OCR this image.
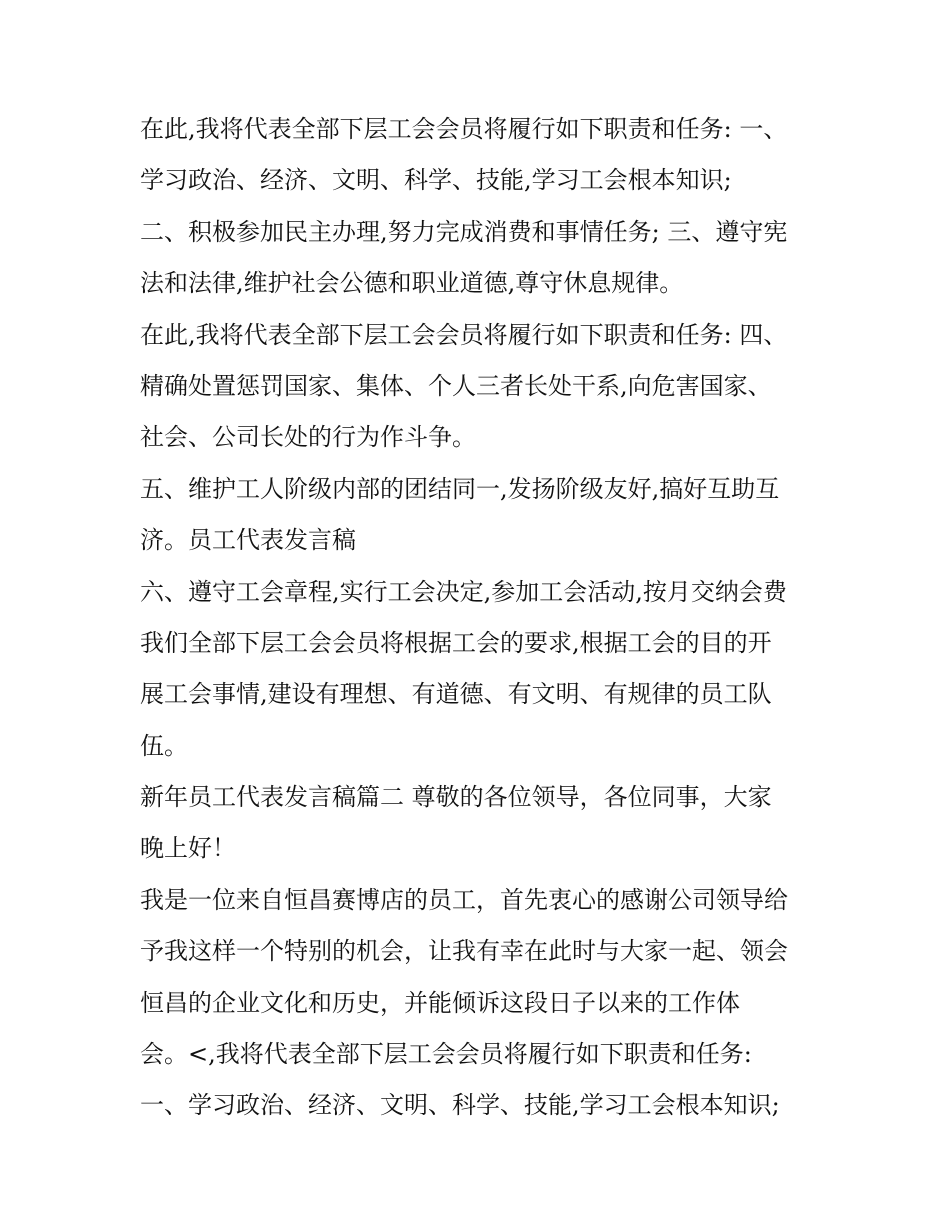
在此,我将代表全部下层工会会员将履行如下职责和任务: 一、
学习政治、经济、文明、科学、技能,学习工会根本知识;
二、积极参加民主办理,努力完成消费和事情任务; 三、遵守宪
法和法律,维护社会公德和职业道德,尊守休息规律。
在此,我将代表全部下层工会会员将履行如下职责和任务: 四、
精确处置惩罚国家、集体、个人三者长处干系,向危害国家、
社会、公司长处的行为作斗争。
五、维护工人阶级内部的团结同一,发扬阶级友好,搞好互助互
济。员工代表发言稿
六、遵守工会章程,实行工会决定,参加工会活动,按月交纳会费
我们全部下层工会会员将根据工会的要求,根据工会的目的开
展工会事情,建设有理想、有道德、有文明、有规律的员工队
伍。
新年员工代表发言稿篇二 尊敬的各位领导，各位同事，大家
晚上好！
我是一位来自恒昌赛博店的员工，首先衷心的感谢公司领导给
予我这样一个特别的机会，让我有幸在此时与大家一起、领会
恒昌的企业文化和历史，并能倾诉这段日子以来的工作体
会。<,我将代表全部下层工会会员将履行如下职责和任务:
一、学习政治、经济、文明、科学、技能,学习工会根本知识;
